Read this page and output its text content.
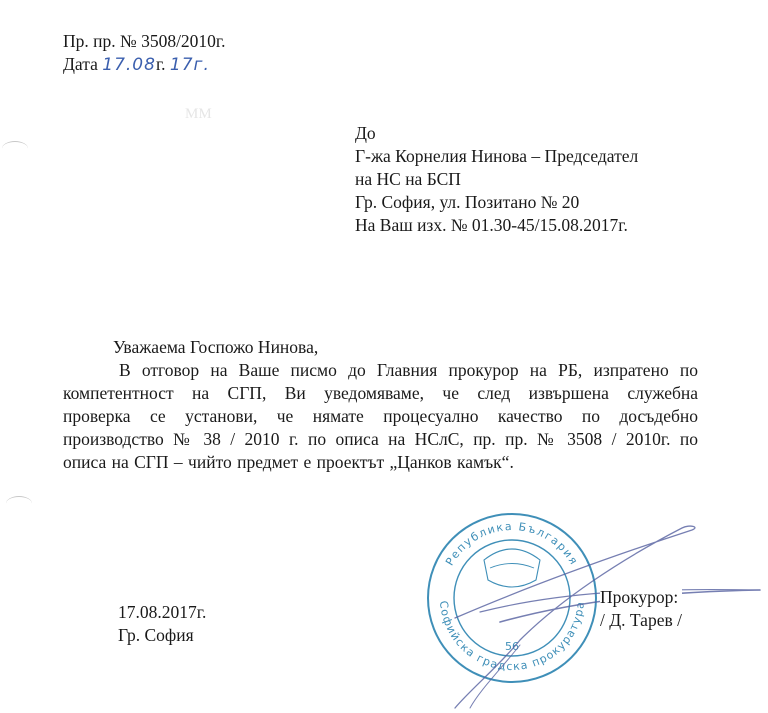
Пр. пр. № 3508/2010г.
Дата 17.08г. 17г.
ММ
До
Г-жа Корнелия Нинова – Председател
на НС на БСП
Гр. София, ул. Позитано № 20
На Ваш изх. № 01.30-45/15.08.2017г.
Уважаема Госпожо Нинова,
В отговор на Ваше писмо до Главния прокурор на РБ, изпратено по
компетентност на СГП, Ви уведомяваме, че след извършена служебна
проверка се установи, че нямате процесуално качество по досъдебно
производство № 38 / 2010 г. по описа на НСлС, пр. пр. № 3508 / 2010г. по
описа на СГП – чийто предмет е проектът „Цанков камък“.
17.08.2017г.
Гр. София
Република България
Софийска градска прокуратура
56
Прокурор:
/ Д. Тарев /
